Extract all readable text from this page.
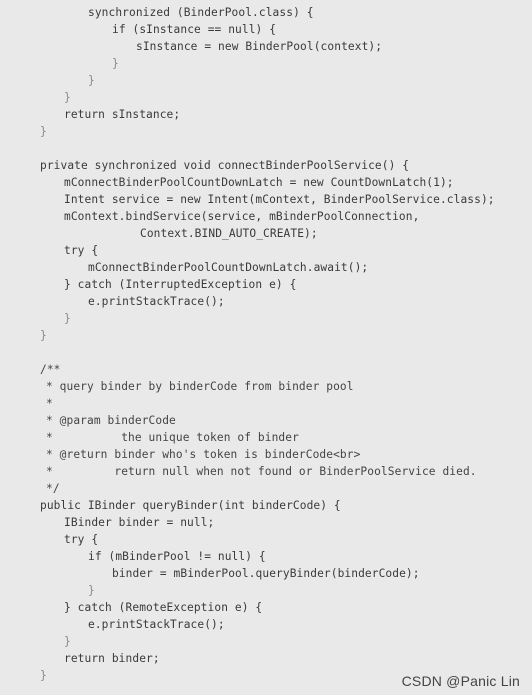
synchronized (BinderPool.class) {
if (sInstance == null) {
sInstance = new BinderPool(context);
}
}
}
return sInstance;
}
private synchronized void connectBinderPoolService() {
mConnectBinderPoolCountDownLatch = new CountDownLatch(1);
Intent service = new Intent(mContext, BinderPoolService.class);
mContext.bindService(service, mBinderPoolConnection,
Context.BIND_AUTO_CREATE);
try {
mConnectBinderPoolCountDownLatch.await();
} catch (InterruptedException e) {
e.printStackTrace();
}
}
/**
* query binder by binderCode from binder pool
*
* @param binderCode
*          the unique token of binder
* @return binder who's token is binderCode<br>
*         return null when not found or BinderPoolService died.
*/
public IBinder queryBinder(int binderCode) {
IBinder binder = null;
try {
if (mBinderPool != null) {
binder = mBinderPool.queryBinder(binderCode);
}
} catch (RemoteException e) {
e.printStackTrace();
}
return binder;
}	CSDN @Panic Lin
